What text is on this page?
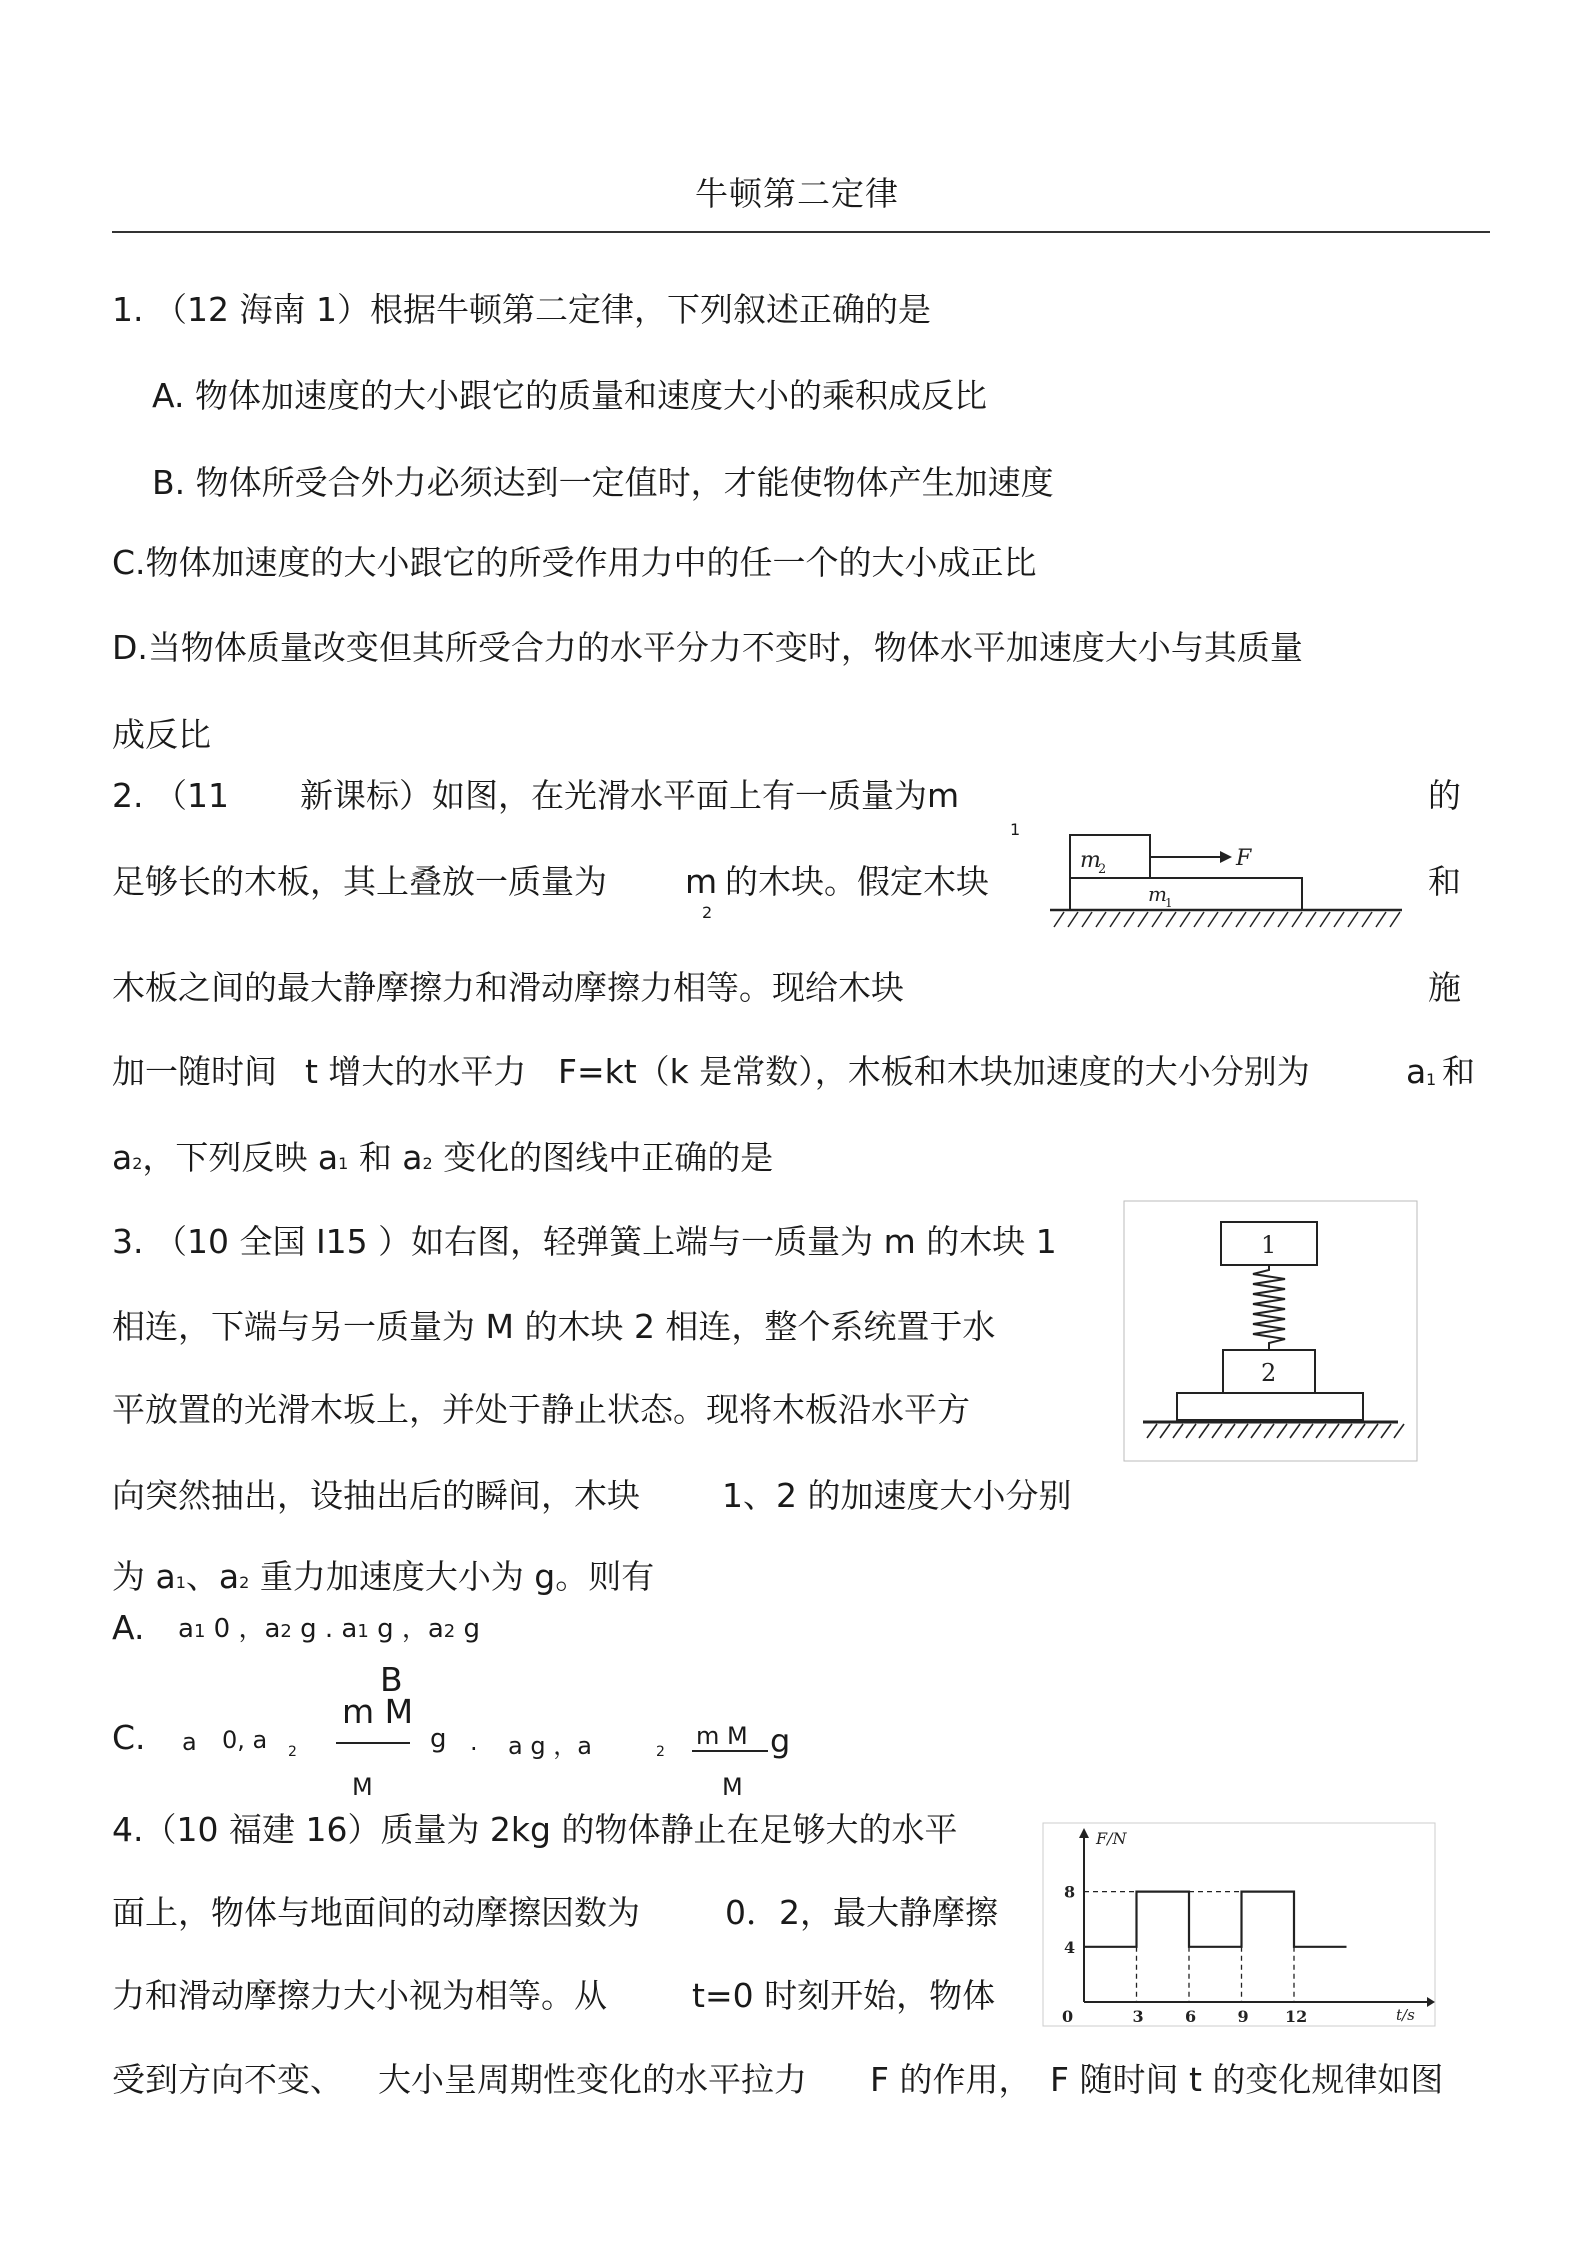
牛顿第二定律
1. （12 海南 1）根据牛顿第二定律，下列叙述正确的是
A. 物体加速度的大小跟它的质量和速度大小的乘积成反比
B. 物体所受合外力必须达到一定值时，才能使物体产生加速度
C.物体加速度的大小跟它的所受作用力中的任一个的大小成正比
D.当物体质量改变但其所受合力的水平分力不变时，物体水平加速度大小与其质量
成反比
2. （11 新课标）如图，在光滑水平面上有一质量为m	的
1
足够长的木板，其上叠放一质量为 m 的木块。假定木块
2
和
m
2	F
m
1
木板之间的最大静摩擦力和滑动摩擦力相等。现给木块	施
加一随时间 t 增大的水平力 F=kt（k 是常数），木板和木块加速度的大小分别为	a 1 和
a2，下列反映 a1 和 a2 变化的图线中正确的是
3. （10 全国 I15 ）如右图，轻弹簧上端与一质量为 m 的木块 1
相连，下端与另一质量为 M 的木块 2 相连，整个系统置于水
平放置的光滑木坂上，并处于静止状态。现将木板沿水平方
向突然抽出，设抽出后的瞬间，木块 1、2 的加速度大小分别
为 a1、a2 重力加速度大小为 g。则有
1
2
A. a1 0 ，a2 g . a1 g ，a2 g
B
m M
M
C. a 0, a 2	g . a g ，a	2
m M g
M
4.（10 福建 16）质量为 2kg 的物体静止在足够大的水平
面上，物体与地面间的动摩擦因数为	0．2，最大静摩擦
力和滑动摩擦力大小视为相等。从	t=0 时刻开始，物体
受到方向不变、 大小呈周期性变化的水平拉力 F 的作用， F 随时间 t 的变化规律如图
F/N
t/s
0	3	6	9 12
4
8
